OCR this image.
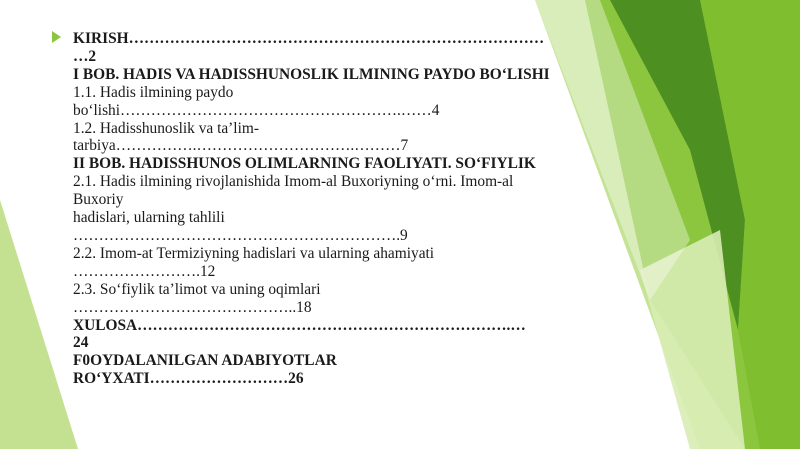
KIRISH………………………………………………………………………
…2
I BOB. HADIS VA HADISSHUNOSLIK ILMINING PAYDO BO‘LISHI
1.1. Hadis ilmining paydo
bo‘lishi……………………………………………….……4
1.2. Hadisshunoslik va ta’lim-
tarbiya…………….………………………….………7
II BOB. HADISSHUNOS OLIMLARNING FAOLIYATI. SO‘FIYLIK
2.1. Hadis ilmining rivojlanishida Imom-al Buxoriyning o‘rni. Imom-al
Buxoriy
hadislari, ularning tahlili
……………………………………………………….9
2.2. Imom-at Termiziyning hadislari va ularning ahamiyati
…………………….12
2.3. So‘fiylik ta’limot va uning oqimlari
……………………………………..18
XULOSA……………………………………………………………….…
24
F0OYDALANILGAN ADABIYOTLAR
RO‘YXATI………………………26
